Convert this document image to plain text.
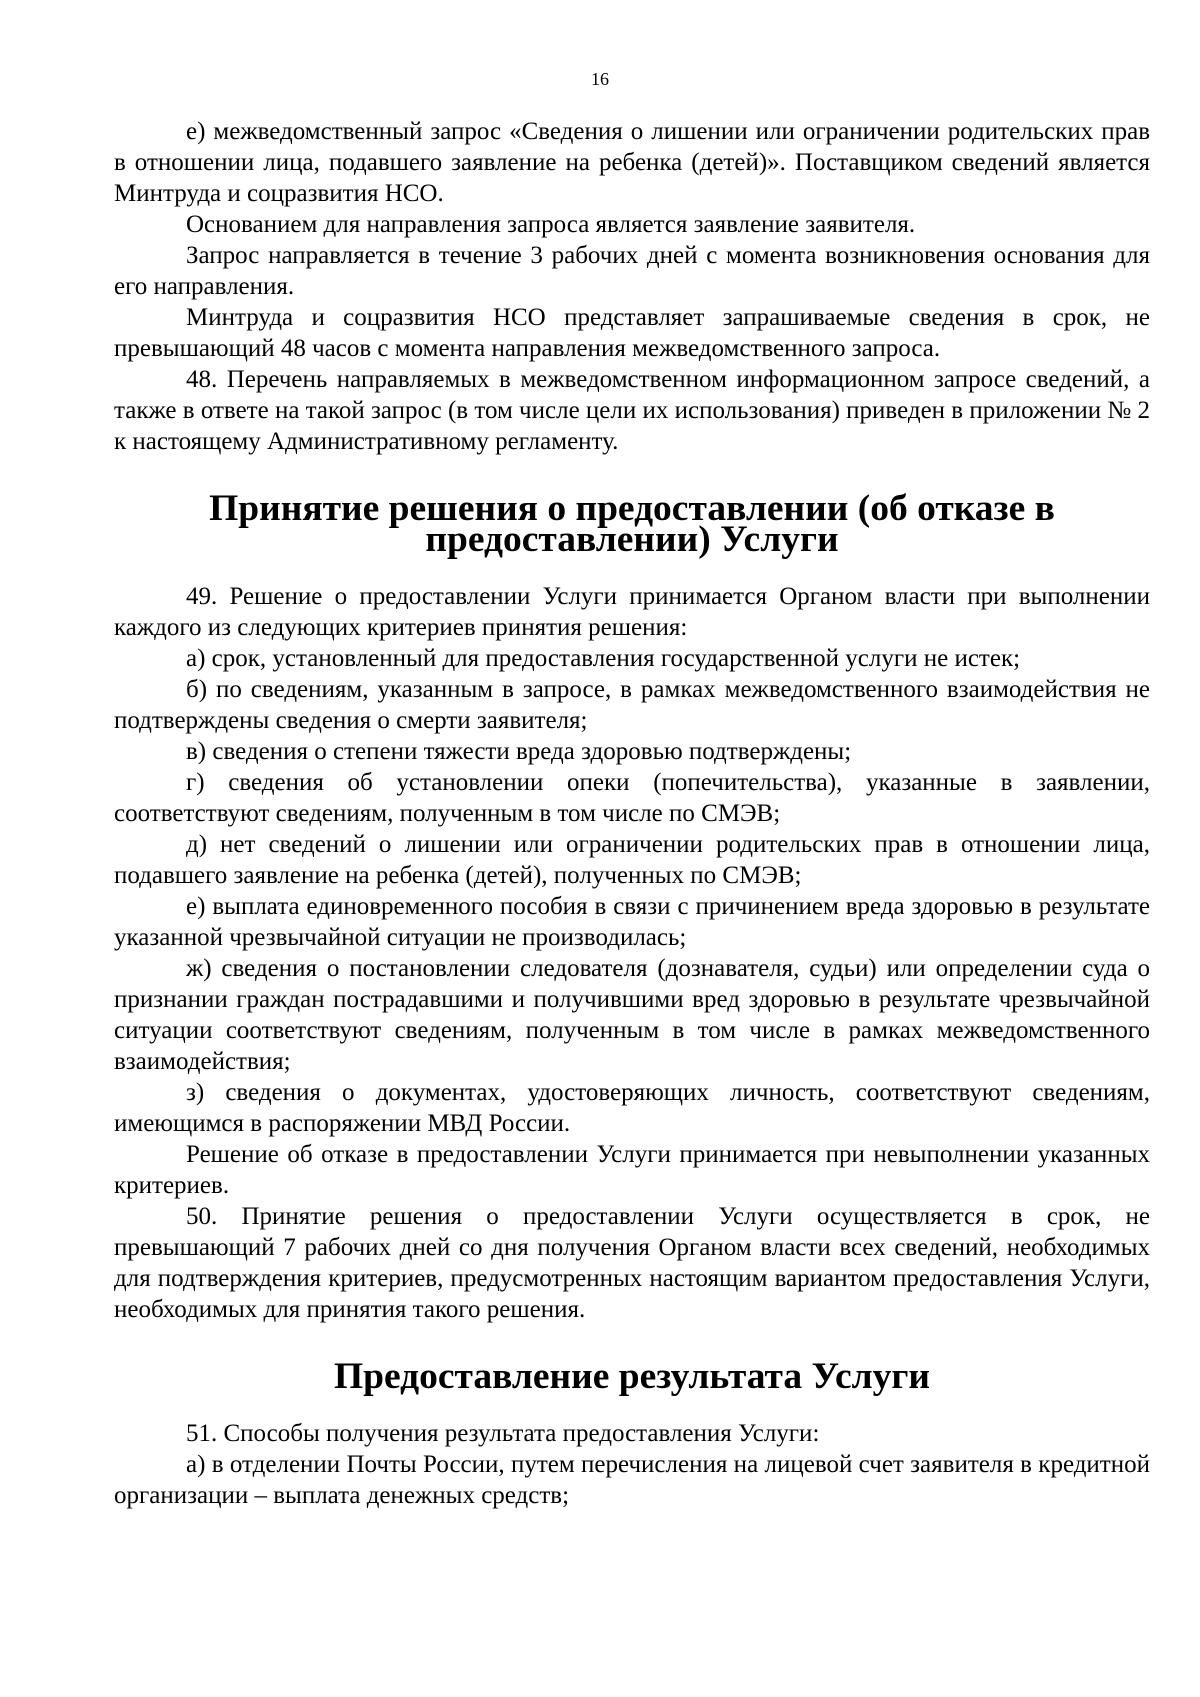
16

е) межведомственный запрос «Сведения о лишении или ограничении родительских прав в отношении лица, подавшего заявление на ребенка (детей)». Поставщиком сведений является Минтруда и соцразвития НСО.

Основанием для направления запроса является заявление заявителя.

Запрос направляется в течение 3 рабочих дней с момента возникновения основания для его направления.

Минтруда и соцразвития НСО представляет запрашиваемые сведения в срок, не превышающий 48 часов с момента направления межведомственного запроса.

48. Перечень направляемых в межведомственном информационном запросе сведений, а также в ответе на такой запрос (в том числе цели их использования) приведен в приложении № 2 к настоящему Административному регламенту.

Принятие решения о предоставлении (об отказе в предоставлении) Услуги

49. Решение о предоставлении Услуги принимается Органом власти при выполнении каждого из следующих критериев принятия решения:

а) срок, установленный для предоставления государственной услуги не истек;

б) по сведениям, указанным в запросе, в рамках межведомственного взаимодействия не подтверждены сведения о смерти заявителя;

в) сведения о степени тяжести вреда здоровью подтверждены;

г) сведения об установлении опеки (попечительства), указанные в заявлении, соответствуют сведениям, полученным в том числе по СМЭВ;

д) нет сведений о лишении или ограничении родительских прав в отношении лица, подавшего заявление на ребенка (детей), полученных по СМЭВ;

е) выплата единовременного пособия в связи с причинением вреда здоровью в результате указанной чрезвычайной ситуации не производилась;

ж) сведения о постановлении следователя (дознавателя, судьи) или определении суда о признании граждан пострадавшими и получившими вред здоровью в результате чрезвычайной ситуации соответствуют сведениям, полученным в том числе в рамках межведомственного взаимодействия;

з) сведения о документах, удостоверяющих личность, соответствуют сведениям, имеющимся в распоряжении МВД России.

Решение об отказе в предоставлении Услуги принимается при невыполнении указанных критериев.

50. Принятие решения о предоставлении Услуги осуществляется в срок, не превышающий 7 рабочих дней со дня получения Органом власти всех сведений, необходимых для подтверждения критериев, предусмотренных настоящим вариантом предоставления Услуги, необходимых для принятия такого решения.

Предоставление результата Услуги

51. Способы получения результата предоставления Услуги:

а) в отделении Почты России, путем перечисления на лицевой счет заявителя в кредитной организации – выплата денежных средств;
